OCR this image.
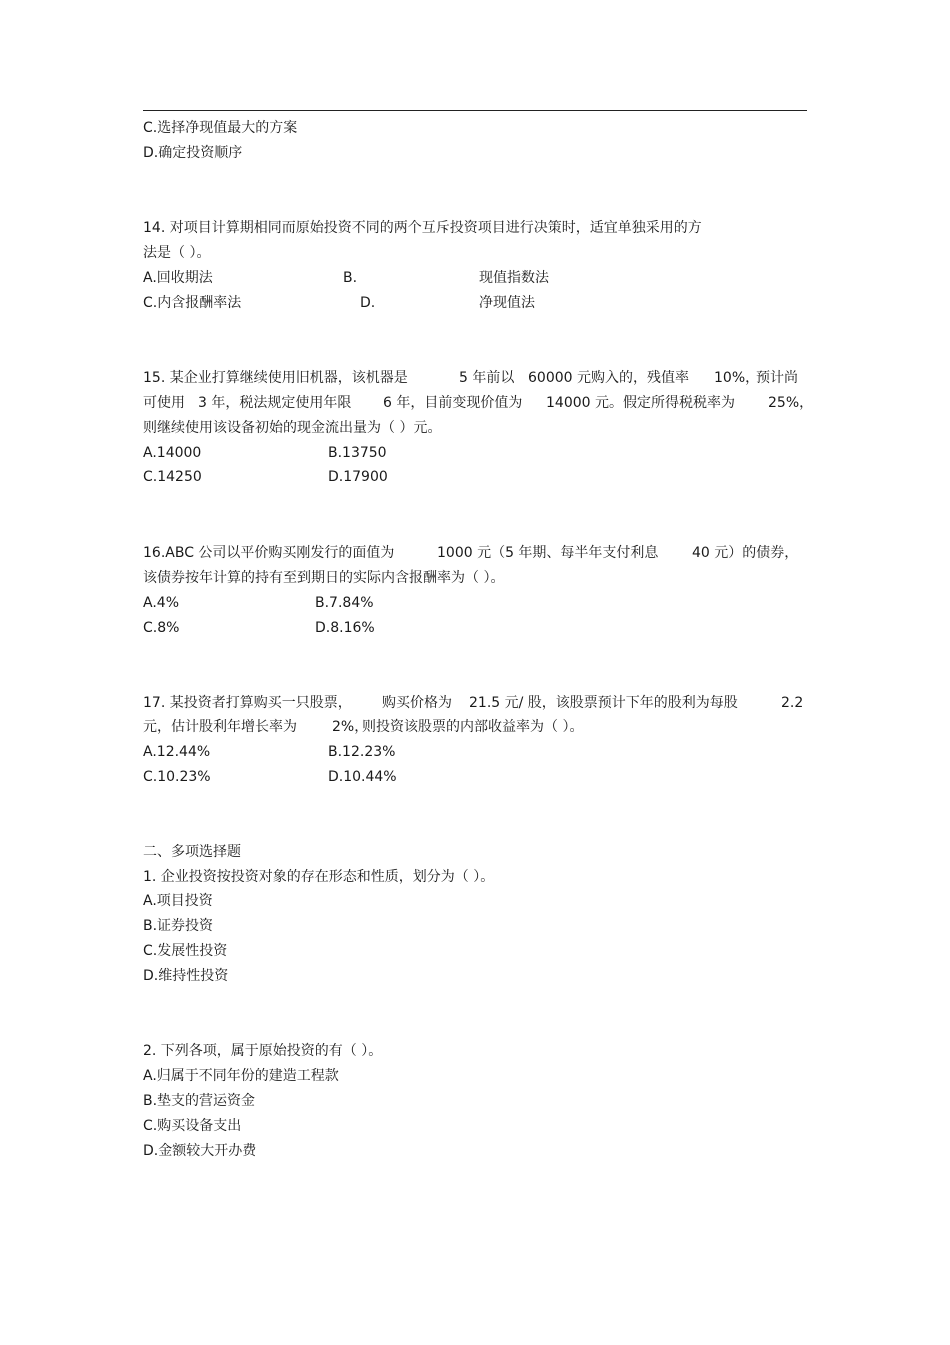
C.选择净现值最大的方案
D.确定投资顺序
14. 对项目计算期相同而原始投资不同的两个互斥投资项目进行决策时，适宜单独采用的方
法是（ ）。
A.回收期法	B.	现值指数法
C.内含报酬率法	D.	净现值法
15. 某企业打算继续使用旧机器，该机器是	5 年前以 60000 元购入的，残值率 10%，
预计尚
可使用 3 年，税法规定使用年限 6 年，目前变现价值为 14000 元。假定所得税税率为 25%，
则继续使用该设备初始的现金流出量为（ ）元。
A.14000	B.13750
C.14250	D.17900
16.ABC 公司以平价购买刚发行的面值为	1000 元（5 年期、每半年支付利息 40 元）的债券，
该债券按年计算的持有至到期日的实际内含报酬率为（ ）。
A.4%	B.7.84%
C.8%	D.8.16%
17. 某投资者打算购买一只股票， 购买价格为 21.5 元/ 股，该股票预计下年的股利为每股	2.2
元，估计股利年增长率为	2%，
则投资该股票的内部收益率为（ ）。
A.12.44%	B.12.23%
C.10.23%	D.10.44%
二、多项选择题
1. 企业投资按投资对象的存在形态和性质，划分为（ ）。
A.项目投资
B.证券投资
C.发展性投资
D.维持性投资
2. 下列各项，属于原始投资的有（ ）。
A.归属于不同年份的建造工程款
B.垫支的营运资金
C.购买设备支出
D.金额较大开办费
